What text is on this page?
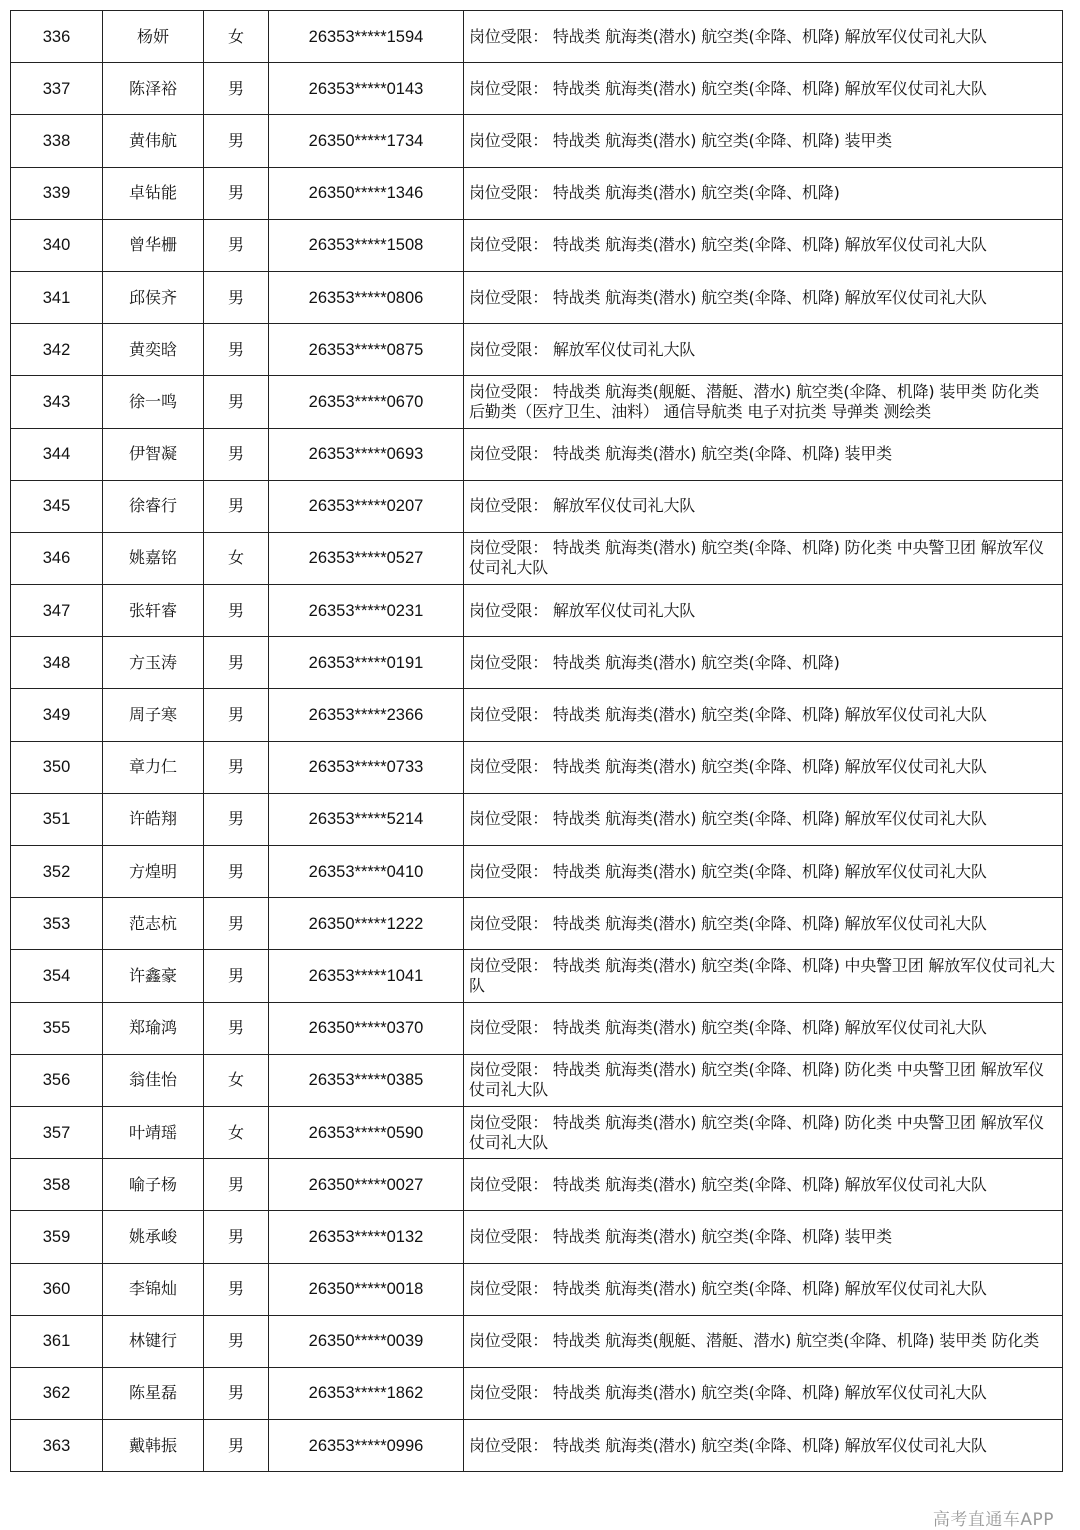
336	杨妍	女	26353*****1594	岗位受限： 特战类 航海类(潜水) 航空类(伞降、机降) 解放军仪仗司礼大队
337	陈泽裕	男	26353*****0143	岗位受限： 特战类 航海类(潜水) 航空类(伞降、机降) 解放军仪仗司礼大队
338	黄伟航	男	26350*****1734	岗位受限： 特战类 航海类(潜水) 航空类(伞降、机降) 装甲类
339	卓钻能	男	26350*****1346	岗位受限： 特战类 航海类(潜水) 航空类(伞降、机降)
340	曾华栅	男	26353*****1508	岗位受限： 特战类 航海类(潜水) 航空类(伞降、机降) 解放军仪仗司礼大队
341	邱侯齐	男	26353*****0806	岗位受限： 特战类 航海类(潜水) 航空类(伞降、机降) 解放军仪仗司礼大队
342	黄奕晗	男	26353*****0875	岗位受限： 解放军仪仗司礼大队
343	徐一鸣	男	26353*****0670	岗位受限： 特战类 航海类(舰艇、潜艇、潜水) 航空类(伞降、机降) 装甲类 防化类 后勤类（医疗卫生、油料） 通信导航类 电子对抗类 导弹类 测绘类
344	伊智凝	男	26353*****0693	岗位受限： 特战类 航海类(潜水) 航空类(伞降、机降) 装甲类
345	徐睿行	男	26353*****0207	岗位受限： 解放军仪仗司礼大队
346	姚嘉铭	女	26353*****0527	岗位受限： 特战类 航海类(潜水) 航空类(伞降、机降) 防化类 中央警卫团 解放军仪仗司礼大队
347	张轩睿	男	26353*****0231	岗位受限： 解放军仪仗司礼大队
348	方玉涛	男	26353*****0191	岗位受限： 特战类 航海类(潜水) 航空类(伞降、机降)
349	周子寒	男	26353*****2366	岗位受限： 特战类 航海类(潜水) 航空类(伞降、机降) 解放军仪仗司礼大队
350	章力仁	男	26353*****0733	岗位受限： 特战类 航海类(潜水) 航空类(伞降、机降) 解放军仪仗司礼大队
351	许皓翔	男	26353*****5214	岗位受限： 特战类 航海类(潜水) 航空类(伞降、机降) 解放军仪仗司礼大队
352	方煌明	男	26353*****0410	岗位受限： 特战类 航海类(潜水) 航空类(伞降、机降) 解放军仪仗司礼大队
353	范志杭	男	26350*****1222	岗位受限： 特战类 航海类(潜水) 航空类(伞降、机降) 解放军仪仗司礼大队
354	许鑫豪	男	26353*****1041	岗位受限： 特战类 航海类(潜水) 航空类(伞降、机降) 中央警卫团 解放军仪仗司礼大队
355	郑瑜鸿	男	26350*****0370	岗位受限： 特战类 航海类(潜水) 航空类(伞降、机降) 解放军仪仗司礼大队
356	翁佳怡	女	26353*****0385	岗位受限： 特战类 航海类(潜水) 航空类(伞降、机降) 防化类 中央警卫团 解放军仪仗司礼大队
357	叶靖瑶	女	26353*****0590	岗位受限： 特战类 航海类(潜水) 航空类(伞降、机降) 防化类 中央警卫团 解放军仪仗司礼大队
358	喻子杨	男	26350*****0027	岗位受限： 特战类 航海类(潜水) 航空类(伞降、机降) 解放军仪仗司礼大队
359	姚承峻	男	26353*****0132	岗位受限： 特战类 航海类(潜水) 航空类(伞降、机降) 装甲类
360	李锦灿	男	26350*****0018	岗位受限： 特战类 航海类(潜水) 航空类(伞降、机降) 解放军仪仗司礼大队
361	林键行	男	26350*****0039	岗位受限： 特战类 航海类(舰艇、潜艇、潜水) 航空类(伞降、机降) 装甲类 防化类
362	陈星磊	男	26353*****1862	岗位受限： 特战类 航海类(潜水) 航空类(伞降、机降) 解放军仪仗司礼大队
363	戴韩振	男	26353*****0996	岗位受限： 特战类 航海类(潜水) 航空类(伞降、机降) 解放军仪仗司礼大队
高考直通车APP
